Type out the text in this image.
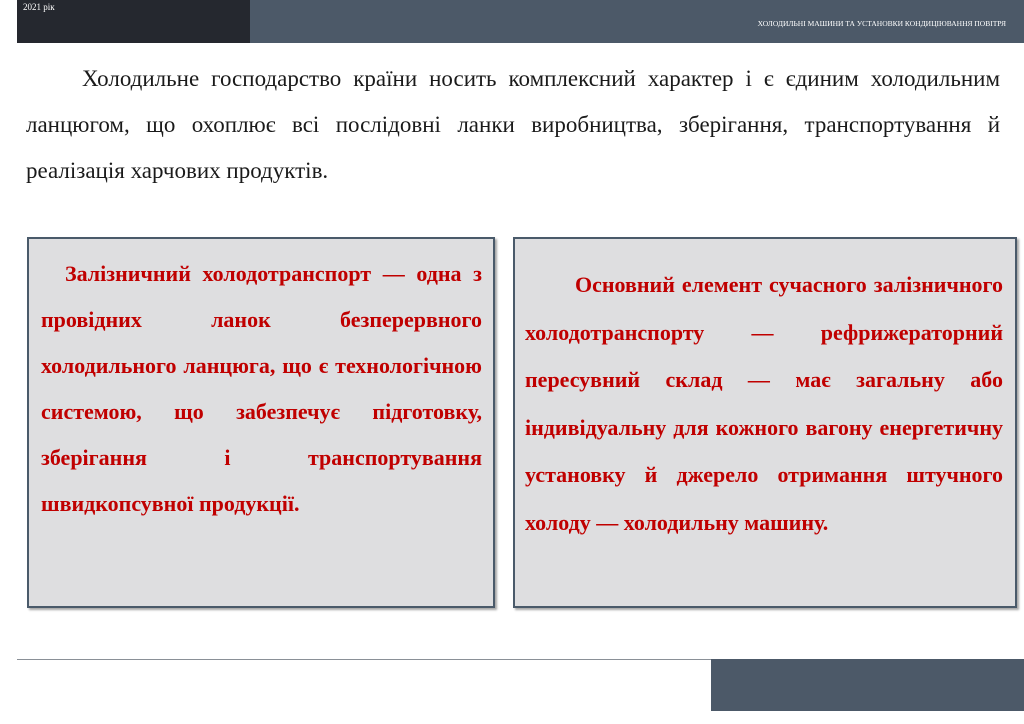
2021 рік
ХОЛОДИЛЬНІ МАШИНИ ТА УСТАНОВКИ КОНДИЦІЮВАННЯ ПОВІТРЯ

Холодильне господарство країни носить комплексний характер і є єдиним холодильним ланцюгом, що охоплює всі послідовні ланки виробництва, зберігання, транспортування й реалізація харчових продуктів.

Залізничний холодотранспорт — одна з провідних ланок безперервного холодильного ланцюга, що є технологічною системою, що забезпечує підготовку, зберігання і транспортування швидкопсувної продукції.

Основний елемент сучасного залізничного холодотранспорту — рефрижераторний пересувний склад — має загальну або індивідуальну для кожного вагону енергетичну установку й джерело отримання штучного холоду — холодильну машину.
